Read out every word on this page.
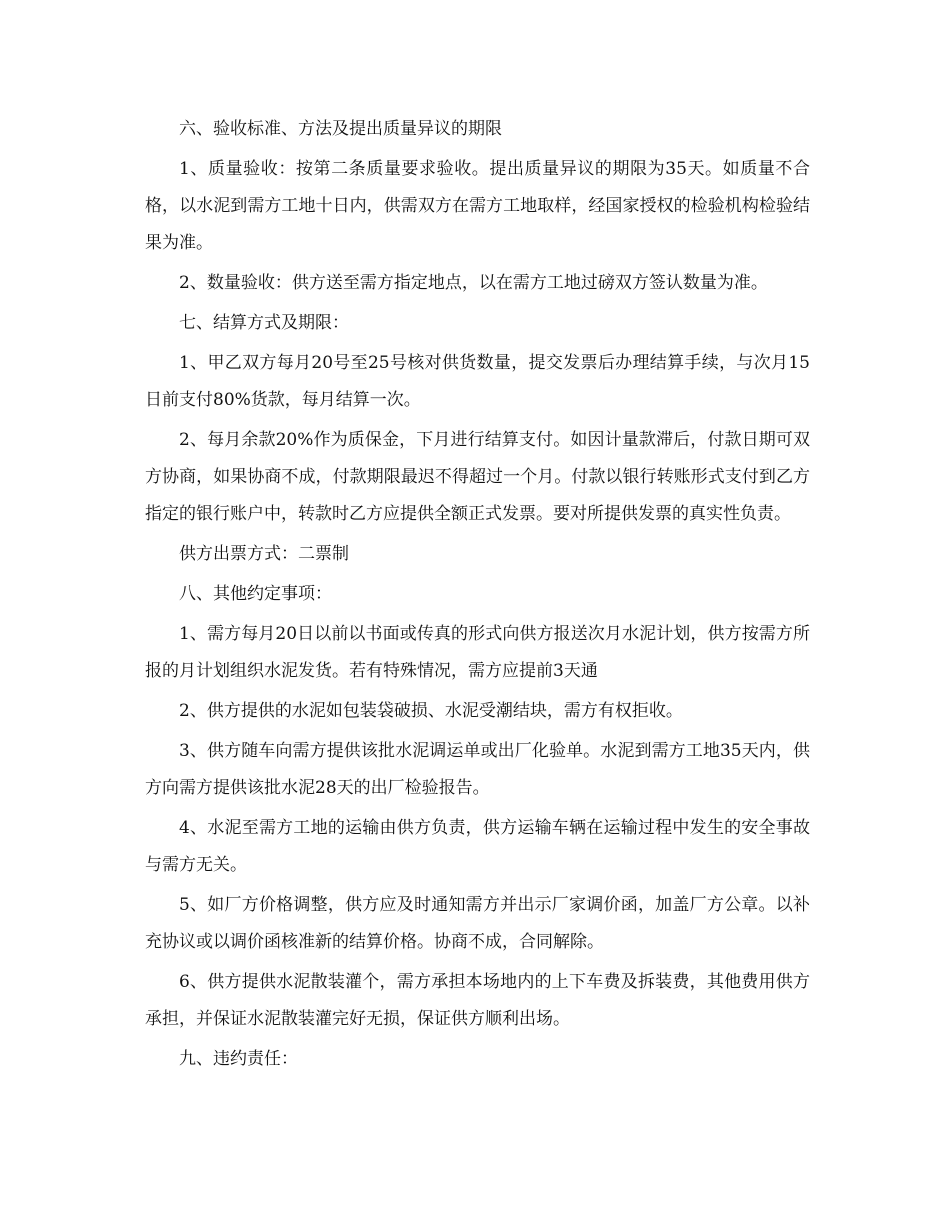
六、验收标准、方法及提出质量异议的期限

1、质量验收：按第二条质量要求验收。提出质量异议的期限为35天。如质量不合格，以水泥到需方工地十日内，供需双方在需方工地取样，经国家授权的检验机构检验结果为准。

2、数量验收：供方送至需方指定地点，以在需方工地过磅双方签认数量为准。

七、结算方式及期限：

1、甲乙双方每月20号至25号核对供货数量，提交发票后办理结算手续，与次月15日前支付80%货款，每月结算一次。

2、每月余款20%作为质保金，下月进行结算支付。如因计量款滞后，付款日期可双方协商，如果协商不成，付款期限最迟不得超过一个月。付款以银行转账形式支付到乙方指定的银行账户中，转款时乙方应提供全额正式发票。要对所提供发票的真实性负责。

供方出票方式：二票制

八、其他约定事项：

1、需方每月20日以前以书面或传真的形式向供方报送次月水泥计划，供方按需方所报的月计划组织水泥发货。若有特殊情况，需方应提前3天通

2、供方提供的水泥如包装袋破损、水泥受潮结块，需方有权拒收。

3、供方随车向需方提供该批水泥调运单或出厂化验单。水泥到需方工地35天内，供方向需方提供该批水泥28天的出厂检验报告。

4、水泥至需方工地的运输由供方负责，供方运输车辆在运输过程中发生的安全事故与需方无关。

5、如厂方价格调整，供方应及时通知需方并出示厂家调价函，加盖厂方公章。以补充协议或以调价函核准新的结算价格。协商不成，合同解除。

6、供方提供水泥散装灌个，需方承担本场地内的上下车费及拆装费，其他费用供方承担，并保证水泥散装灌完好无损，保证供方顺利出场。

九、违约责任：
